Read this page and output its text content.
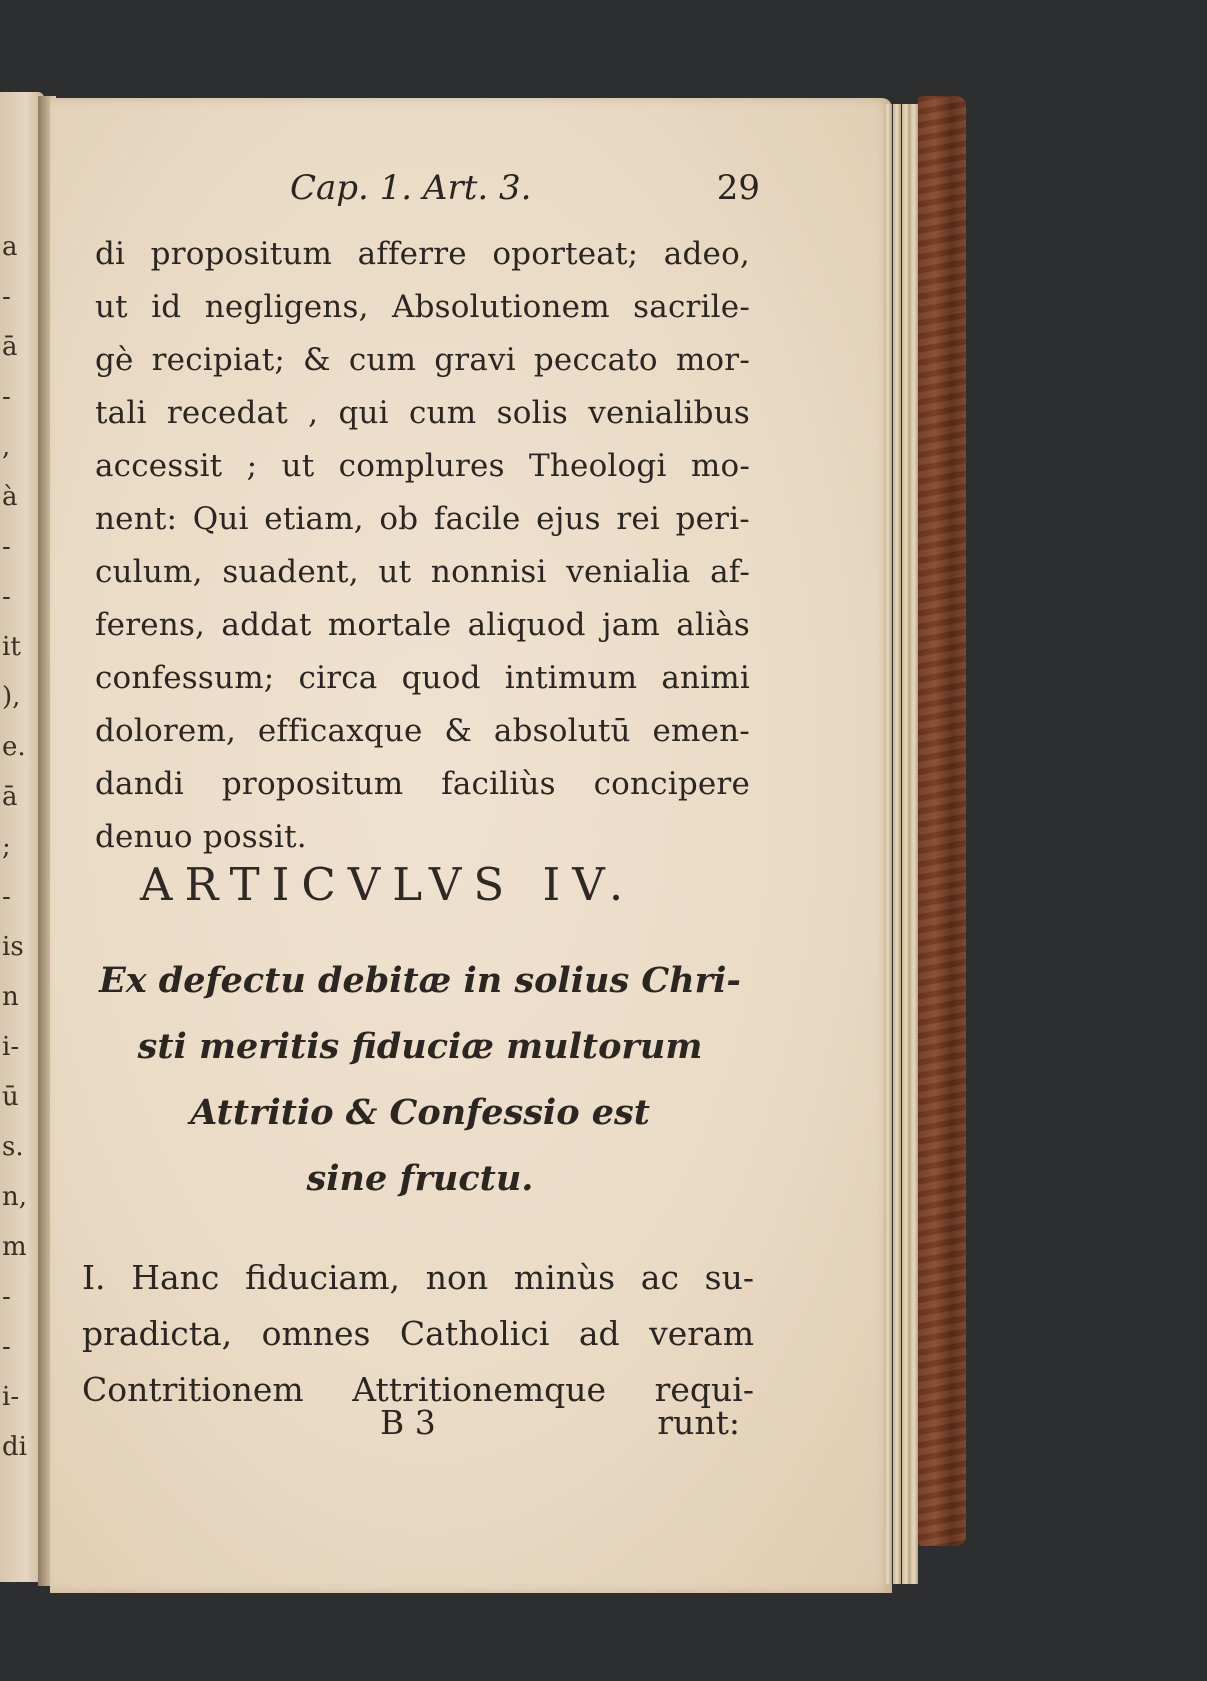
a
-
ā
-
,
à
-
-
it
),
e.
ā
;
-
is
n
i-
ū
s.
n,
m
-
-
i-
di
Cap. 1. Art. 3.	29
di propositum afferre oporteat; adeo,
ut id negligens, Absolutionem sacrile-
gè recipiat; & cum gravi peccato mor-
tali recedat , qui cum solis venialibus
accessit ; ut complures Theologi mo-
nent: Qui etiam, ob facile ejus rei peri-
culum, suadent, ut nonnisi venialia af-
ferens, addat mortale aliquod jam aliàs
confessum; circa quod intimum animi
dolorem, efficaxque & absolutū emen-
dandi propositum faciliùs concipere
denuo possit.
ARTICVLVS IV.
Ex defectu debitæ in solius Chri-
sti meritis fiduciæ multorum
Attritio & Confessio est
sine fructu.
I. Hanc fiduciam, non minùs ac su-
pradicta, omnes Catholici ad veram
Contritionem Attritionemque requi-
B 3	runt:
